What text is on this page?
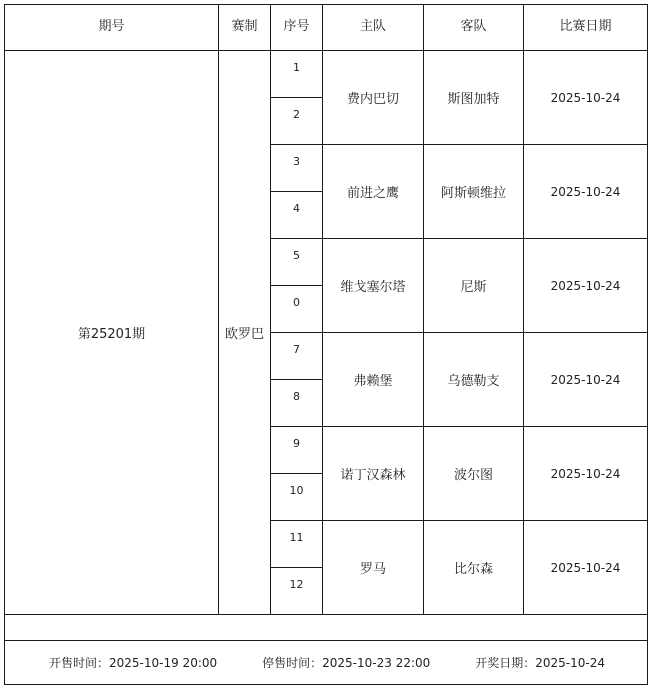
期号	赛制	序号	主队	客队	比赛日期
第25201期	欧罗巴	1	费内巴切	斯图加特	2025-10-24
		2			
		3	前进之鹰	阿斯顿维拉	2025-10-24
		4			
		5	维戈塞尔塔	尼斯	2025-10-24
		0			
		7	弗赖堡	乌德勒支	2025-10-24
		8			
		9	诺丁汉森林	波尔图	2025-10-24
		10			
		11	罗马	比尔森	2025-10-24
		12			

开售时间：2025-10-19 20:00 停售时间：2025-10-23 22:00 开奖日期：2025-10-24					
